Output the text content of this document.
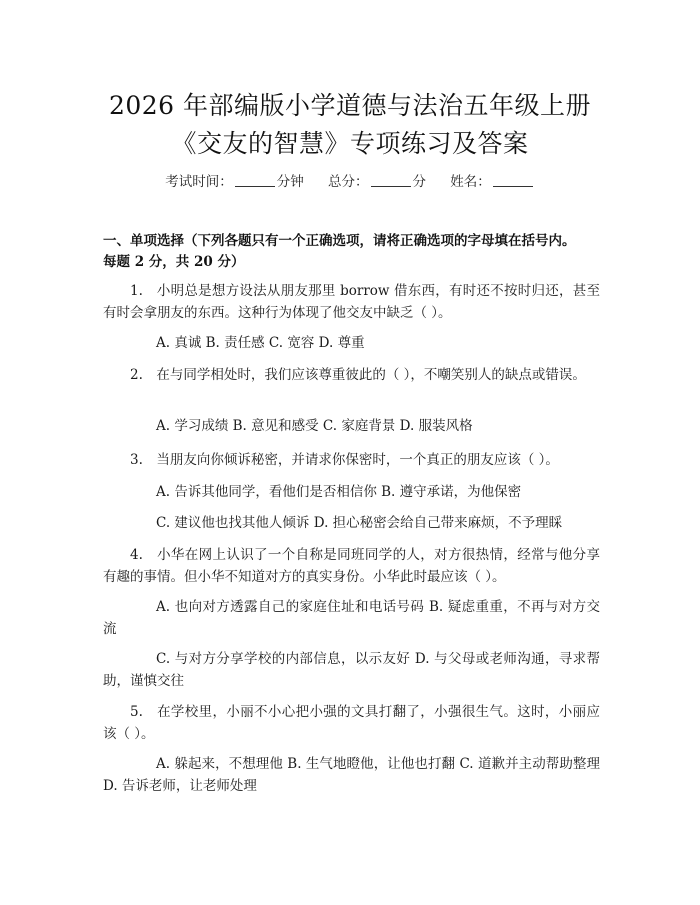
2026 年部编版小学道德与法治五年级上册
《交友的智慧》专项练习及答案
考试时间：	分钟 总分：	分 姓名：
一、单项选择（下列各题只有一个正确选项，请将正确选项的字母填在括号内。
每题 2 分，共 20 分）
1.　小明总是想方设法从朋友那里 borrow 借东西，有时还不按时归还，甚至有时会拿朋友的东西。这种行为体现了他交友中缺乏（ ）。
A. 真诚 B. 责任感 C. 宽容 D. 尊重
2.　在与同学相处时，我们应该尊重彼此的（ ），不嘲笑别人的缺点或错误。
A. 学习成绩 B. 意见和感受 C. 家庭背景 D. 服装风格
3.　当朋友向你倾诉秘密，并请求你保密时，一个真正的朋友应该（ ）。
A. 告诉其他同学，看他们是否相信你 B. 遵守承诺，为他保密
C. 建议他也找其他人倾诉 D. 担心秘密会给自己带来麻烦，不予理睬
4.　小华在网上认识了一个自称是同班同学的人，对方很热情，经常与他分享有趣的事情。但小华不知道对方的真实身份。小华此时最应该（ ）。
A. 也向对方透露自己的家庭住址和电话号码 B. 疑虑重重，不再与对方交流
C. 与对方分享学校的内部信息，以示友好 D. 与父母或老师沟通，寻求帮助，谨慎交往
5.　在学校里，小丽不小心把小强的文具打翻了，小强很生气。这时，小丽应该（ ）。
A. 躲起来，不想理他 B. 生气地瞪他，让他也打翻 C. 道歉并主动帮助整理 D. 告诉老师，让老师处理
